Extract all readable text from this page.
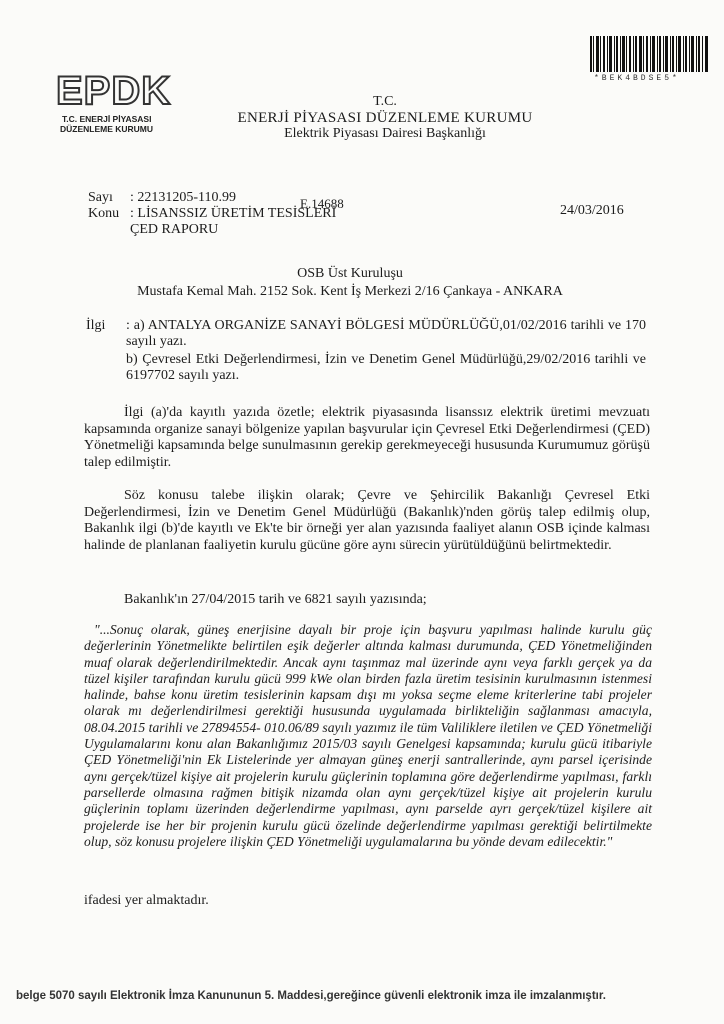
EPDK
T.C. ENERJİ PİYASASI
DÜZENLEME KURUMU
*BEK4BDSE5*
T.C.
ENERJİ PİYASASI DÜZENLEME KURUMU
Elektrik Piyasası Dairesi Başkanlığı
Sayı : 22131205-110.99
Konu : LİSANSSIZ ÜRETİM TESİSLERİ
ÇED RAPORU
E.14688	24/03/2016
OSB Üst Kuruluşu
Mustafa Kemal Mah. 2152 Sok. Kent İş Merkezi 2/16 Çankaya - ANKARA
İlgi : a) ANTALYA ORGANİZE SANAYİ BÖLGESİ MÜDÜRLÜĞÜ,01/02/2016 tarihli ve 170 sayılı yazı.
b) Çevresel Etki Değerlendirmesi, İzin ve Denetim Genel Müdürlüğü,29/02/2016 tarihli ve 6197702 sayılı yazı.
İlgi (a)'da kayıtlı yazıda özetle; elektrik piyasasında lisanssız elektrik üretimi mevzuatı kapsamında organize sanayi bölgenize yapılan başvurular için Çevresel Etki Değerlendirmesi (ÇED) Yönetmeliği kapsamında belge sunulmasının gerekip gerekmeyeceği hususunda Kurumumuz görüşü talep edilmiştir.
Söz konusu talebe ilişkin olarak; Çevre ve Şehircilik Bakanlığı Çevresel Etki Değerlendirmesi, İzin ve Denetim Genel Müdürlüğü (Bakanlık)'nden görüş talep edilmiş olup, Bakanlık ilgi (b)'de kayıtlı ve Ek'te bir örneği yer alan yazısında faaliyet alanın OSB içinde kalması halinde de planlanan faaliyetin kurulu gücüne göre aynı sürecin yürütüldüğünü belirtmektedir.
Bakanlık'ın 27/04/2015 tarih ve 6821 sayılı yazısında;
"...Sonuç olarak, güneş enerjisine dayalı bir proje için başvuru yapılması halinde kurulu güç değerlerinin Yönetmelikte belirtilen eşik değerler altında kalması durumunda, ÇED Yönetmeliğinden muaf olarak değerlendirilmektedir. Ancak aynı taşınmaz mal üzerinde aynı veya farklı gerçek ya da tüzel kişiler tarafından kurulu gücü 999 kWe olan birden fazla üretim tesisinin kurulmasının istenmesi halinde, bahse konu üretim tesislerinin kapsam dışı mı yoksa seçme eleme kriterlerine tabi projeler olarak mı değerlendirilmesi gerektiği hususunda uygulamada birlikteliğin sağlanması amacıyla, 08.04.2015 tarihli ve 27894554- 010.06/89 sayılı yazımız ile tüm Valiliklere iletilen ve ÇED Yönetmeliği Uygulamalarını konu alan Bakanlığımız 2015/03 sayılı Genelgesi kapsamında; kurulu gücü itibariyle ÇED Yönetmeliği'nin Ek Listelerinde yer almayan güneş enerji santrallerinde, aynı parsel içerisinde aynı gerçek/tüzel kişiye ait projelerin kurulu güçlerinin toplamına göre değerlendirme yapılması, farklı parsellerde olmasına rağmen bitişik nizamda olan aynı gerçek/tüzel kişiye ait projelerin kurulu güçlerinin toplamı üzerinden değerlendirme yapılması, aynı parselde ayrı gerçek/tüzel kişilere ait projelerde ise her bir projenin kurulu gücü özelinde değerlendirme yapılması gerektiği belirtilmekte olup, söz konusu projelere ilişkin ÇED Yönetmeliği uygulamalarına bu yönde devam edilecektir."
ifadesi yer almaktadır.
belge 5070 sayılı Elektronik İmza Kanununun 5. Maddesi,gereğince güvenli elektronik imza ile imzalanmıştır.
